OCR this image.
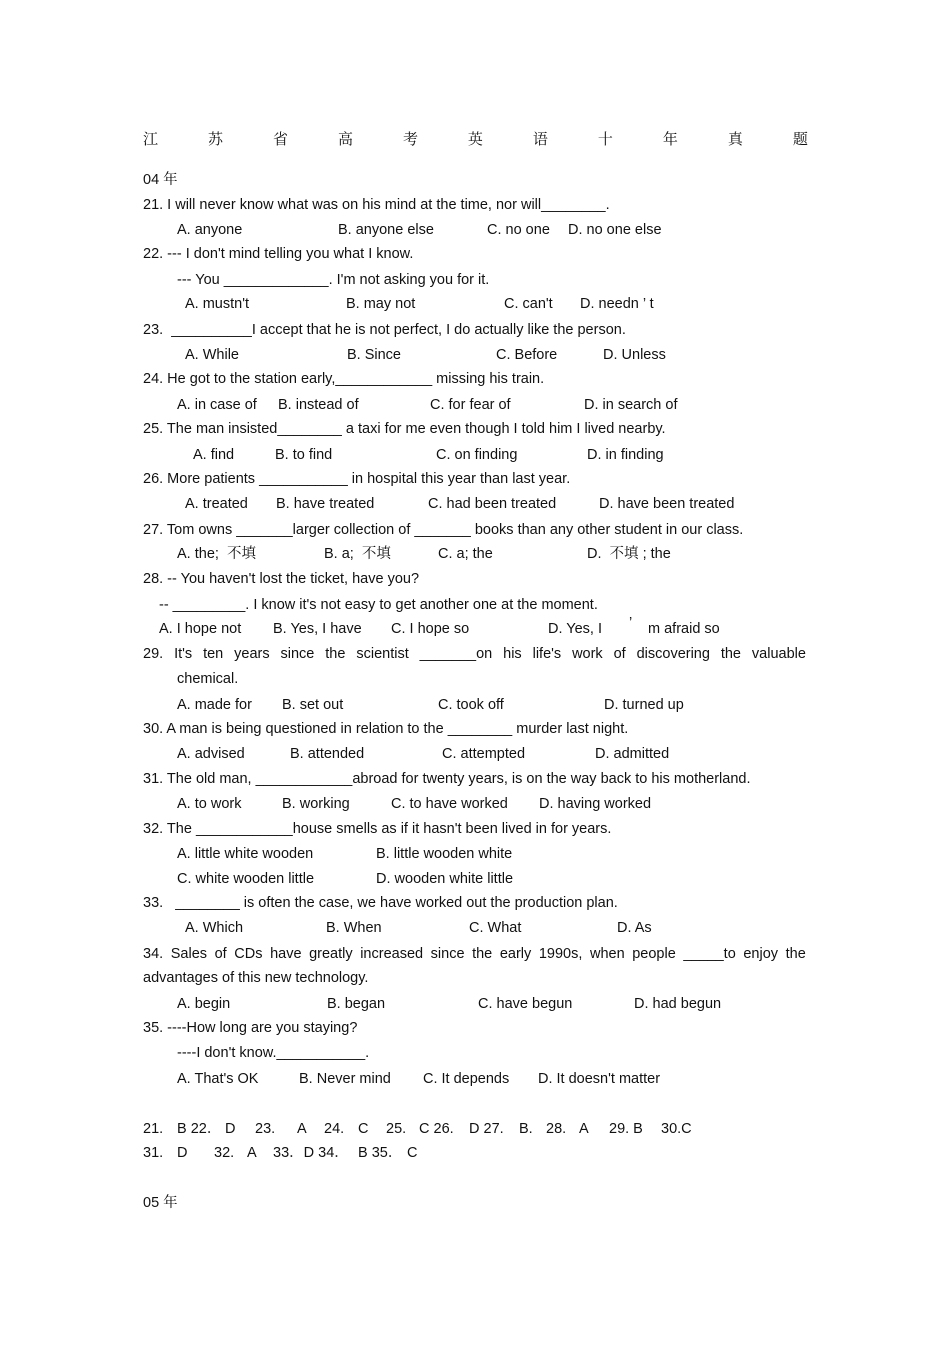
江	苏	省	高	考	英	语	十	年	真	题
04 年
21. I will never know what was on his mind at the time, nor will________.
A. anyone	B. anyone else	C. no one D. no one else
22. --- I don't mind telling you what I know.
--- You _____________. I'm not asking you for it.
A. mustn't	B. may not	C. can't D. needn ’ t
23.  __________I accept that he is not perfect, I do actually like the person.
A. While	B. Since	C. Before	D. Unless
24. He got to the station early,____________ missing his train.
A. in case of B. instead of	C. for fear of	D. in search of
25. The man insisted________ a taxi for me even though I told him I lived nearby.
A. find	B. to find	C. on finding	D. in finding
26. More patients ___________ in hospital this year than last year.
A. treated B. have treated	C. had been treated	D. have been treated
27. Tom owns _______larger collection of _______ books than any other student in our class.
A. the;  不填	B. a;  不填	C. a; the	D.  不填 ; the
28. -- You haven't lost the ticket, have you?
-- _________. I know it's not easy to get another one at the moment.
A. I hope not B. Yes, I have C. I hope so	D. Yes, I ’ m afraid so
29. It's ten years since the scientist _______on his life's work of discovering the valuable
chemical.
A. made for B. set out	C. took off	D. turned up
30. A man is being questioned in relation to the ________ murder last night.
A. advised	B. attended	C. attempted	D. admitted
31. The old man, ____________abroad for twenty years, is on the way back to his motherland.
A. to work	B. working	C. to have worked D. having worked
32. The ____________house smells as if it hasn't been lived in for years.
A. little white wooden	B. little wooden white
C. white wooden little	D. wooden white little
33.   ________ is often the case, we have worked out the production plan.
A. Which	B. When	C. What	D. As
34. Sales of CDs have greatly increased since the early 1990s, when people _____to enjoy the
advantages of this new technology.
A. begin	B. began	C. have begun	D. had begun
35. ----How long are you staying?
----I don't know.___________.
A. That's OK	B. Never mind C. It depends D. It doesn't matter
21. B 22． D 23. A 24. C 25. C 26. D 27. B. 28. A 29. B 30.C
31. D 32. A 33．D 34． B 35． C
05 年
